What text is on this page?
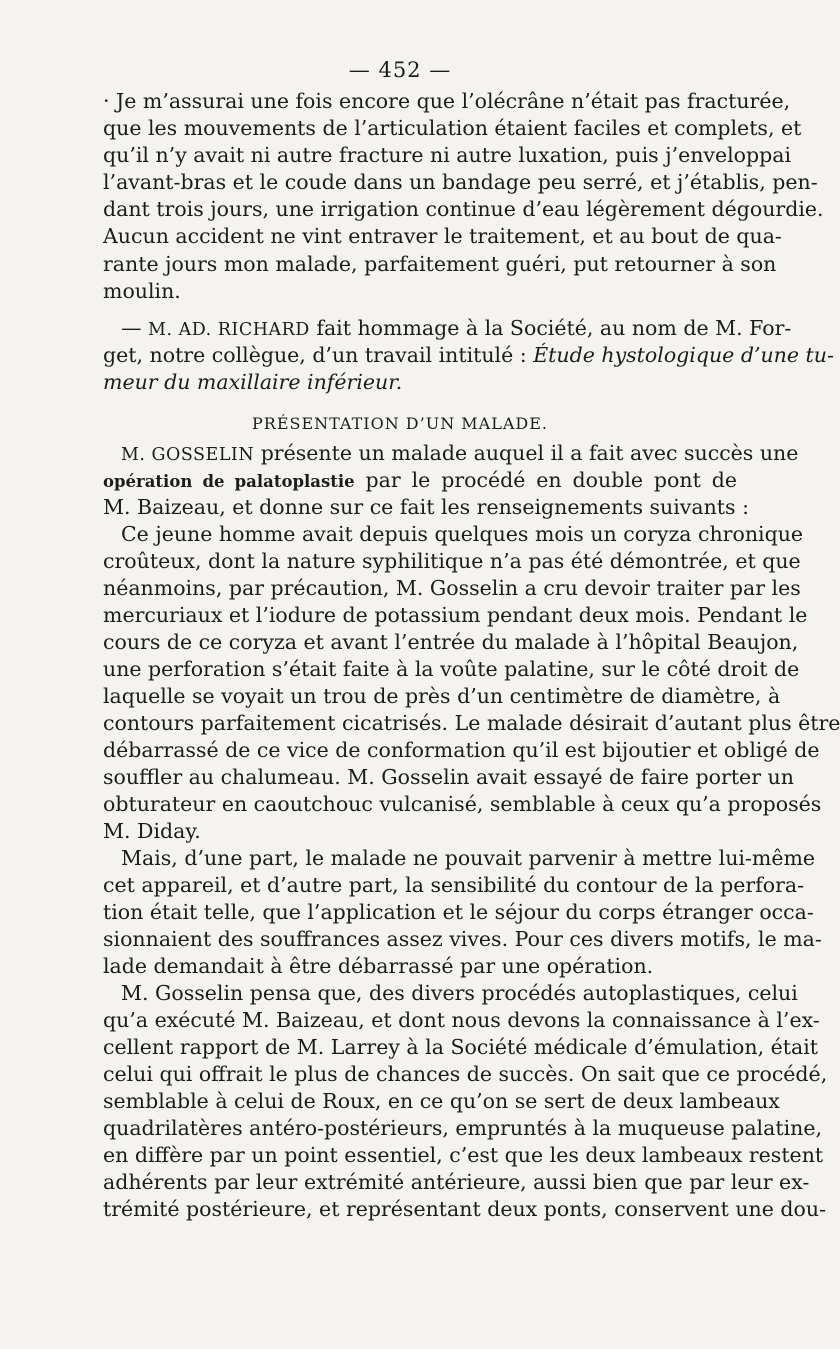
— 452 —
· Je m’assurai une fois encore que l’olécrâne n’était pas fracturée,
que les mouvements de l’articulation étaient faciles et complets, et
qu’il n’y avait ni autre fracture ni autre luxation, puis j’enveloppai
l’avant-bras et le coude dans un bandage peu serré, et j’établis, pen-
dant trois jours, une irrigation continue d’eau légèrement dégourdie.
Aucun accident ne vint entraver le traitement, et au bout de qua-
rante jours mon malade, parfaitement guéri, put retourner à son
moulin.
— M. AD. RICHARD fait hommage à la Société, au nom de M. For-
get, notre collègue, d’un travail intitulé : Étude hystologique d’une tu-
meur du maxillaire inférieur.
PRÉSENTATION D’UN MALADE.
M. GOSSELIN présente un malade auquel il a fait avec succès une
opération de palatoplastie par le procédé en double pont de
M. Baizeau, et donne sur ce fait les renseignements suivants :
Ce jeune homme avait depuis quelques mois un coryza chronique
croûteux, dont la nature syphilitique n’a pas été démontrée, et que
néanmoins, par précaution, M. Gosselin a cru devoir traiter par les
mercuriaux et l’iodure de potassium pendant deux mois. Pendant le
cours de ce coryza et avant l’entrée du malade à l’hôpital Beaujon,
une perforation s’était faite à la voûte palatine, sur le côté droit de
laquelle se voyait un trou de près d’un centimètre de diamètre, à
contours parfaitement cicatrisés. Le malade désirait d’autant plus être
débarrassé de ce vice de conformation qu’il est bijoutier et obligé de
souffler au chalumeau. M. Gosselin avait essayé de faire porter un
obturateur en caoutchouc vulcanisé, semblable à ceux qu’a proposés
M. Diday.
Mais, d’une part, le malade ne pouvait parvenir à mettre lui-même
cet appareil, et d’autre part, la sensibilité du contour de la perfora-
tion était telle, que l’application et le séjour du corps étranger occa-
sionnaient des souffrances assez vives. Pour ces divers motifs, le ma-
lade demandait à être débarrassé par une opération.
M. Gosselin pensa que, des divers procédés autoplastiques, celui
qu’a exécuté M. Baizeau, et dont nous devons la connaissance à l’ex-
cellent rapport de M. Larrey à la Société médicale d’émulation, était
celui qui offrait le plus de chances de succès. On sait que ce procédé,
semblable à celui de Roux, en ce qu’on se sert de deux lambeaux
quadrilatères antéro-postérieurs, empruntés à la muqueuse palatine,
en diffère par un point essentiel, c’est que les deux lambeaux restent
adhérents par leur extrémité antérieure, aussi bien que par leur ex-
trémité postérieure, et représentant deux ponts, conservent une dou-
